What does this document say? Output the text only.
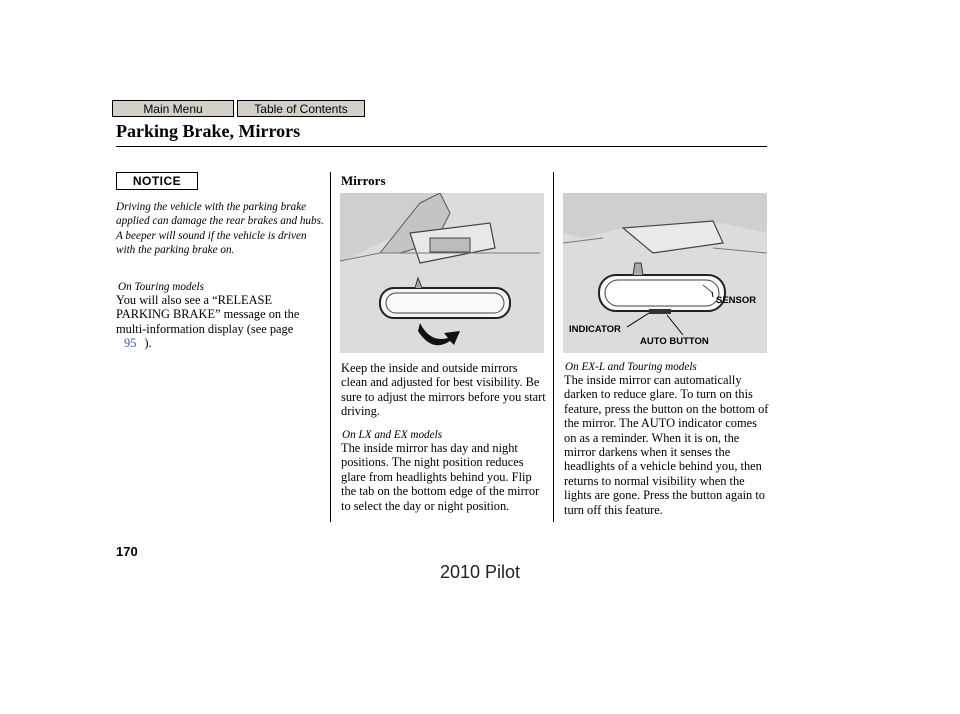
Main Menu	Table of Contents
Parking Brake, Mirrors
NOTICE
Driving the vehicle with the parking brake applied can damage the rear brakes and hubs. A beeper will sound if the vehicle is driven with the parking brake on.
On Touring models
You will also see a “RELEASE PARKING BRAKE” message on the multi-information display (see page
95 ).
Mirrors
Keep the inside and outside mirrors clean and adjusted for best visibility. Be sure to adjust the mirrors before you start driving.
On LX and EX models
The inside mirror has day and night positions. The night position reduces glare from headlights behind you. Flip the tab on the bottom edge of the mirror to select the day or night position.
SENSOR
INDICATOR
AUTO BUTTON
On EX-L and Touring models
The inside mirror can automatically darken to reduce glare. To turn on this feature, press the button on the bottom of the mirror. The AUTO indicator comes on as a reminder. When it is on, the mirror darkens when it senses the headlights of a vehicle behind you, then returns to normal visibility when the lights are gone. Press the button again to turn off this feature.
170
2010 Pilot
